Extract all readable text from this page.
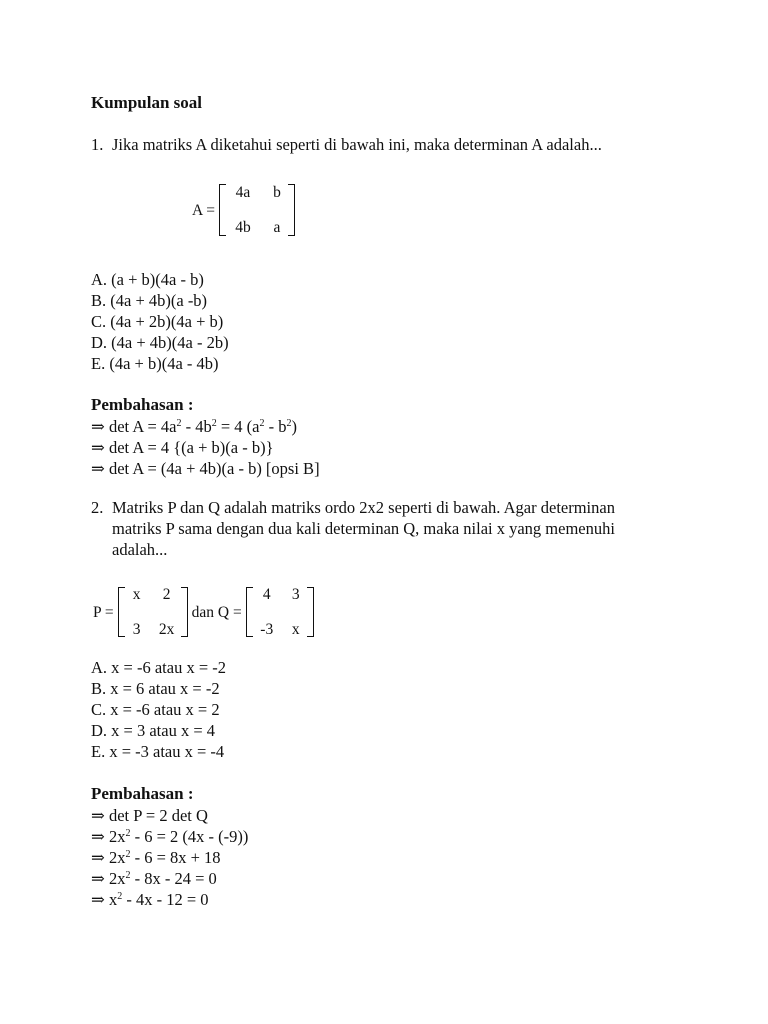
Kumpulan soal
1. Jika matriks A diketahui seperti di bawah ini, maka determinan A adalah...
A =
4a	b
4b	a
A. (a + b)(4a - b)
B. (4a + 4b)(a -b)
C. (4a + 2b)(4a + b)
D. (4a + 4b)(4a - 2b)
E. (4a + b)(4a - 4b)
Pembahasan :
⇒ $\det A = 4a^2 - 4b^2 = 4$ $(a^2 - b^2)$
⇒ det A = 4 {(a + b)(a - b)}
⇒ det A = (4a + 4b)(a - b) [opsi B]
2. Matriks P dan Q adalah matriks ordo 2x2 seperti di bawah. Agar determinan matriks P sama dengan dua kali determinan Q, maka nilai x yang memenuhi adalah...
P =
x	2
3 2x
dan Q =
4	3
-3 x
A. x = -6 atau x = -2
B. x = 6 atau x = -2
C. x = -6 atau x = 2
D. x = 3 atau x = 4
E. x = -3 atau x = -4
Pembahasan :
⇒ det P = 2 det Q
⇒ $2x^2 - 6 = 2$ (4x - (-9))
⇒ $2x^2 - 6 = 8x + 18$
⇒ $2x^2 - 8x - 24 = 0$
⇒ $x^2 - 4x - 12 = 0$
